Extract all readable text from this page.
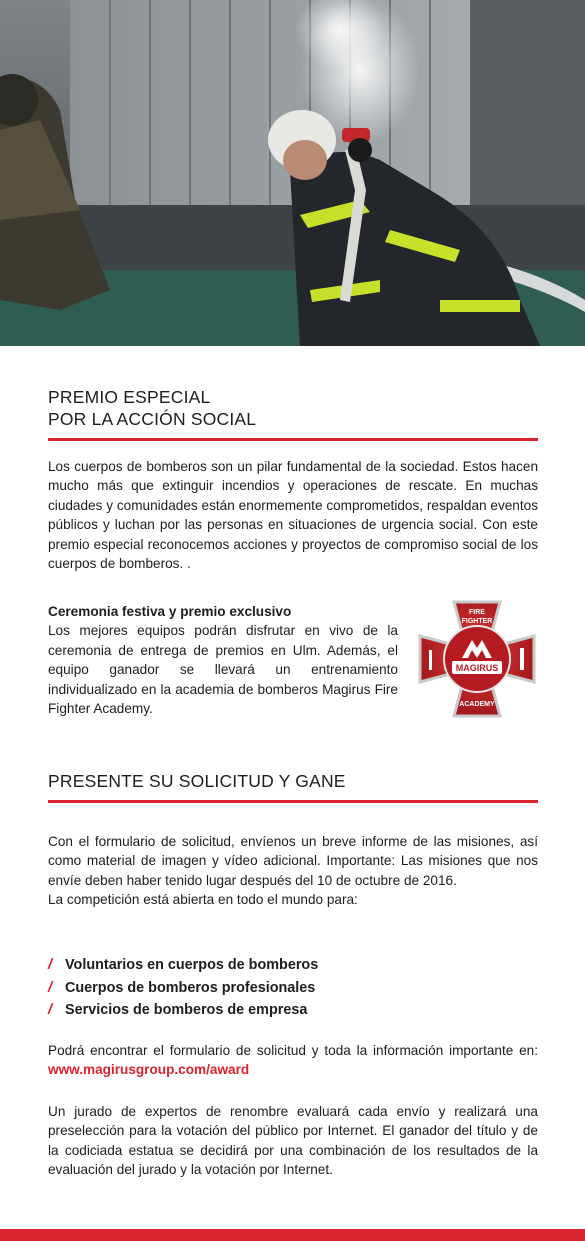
PREMIO ESPECIAL
POR LA ACCIÓN SOCIAL

Los cuerpos de bomberos son un pilar fundamental de la sociedad. Estos hacen mucho más que extinguir incendios y operaciones de rescate. En muchas ciudades y comunidades están enormemente comprometidos, respaldan eventos públicos y luchan por las personas en situaciones de urgencia social. Con este premio especial reconocemos acciones y proyectos de compromiso social de los cuerpos de bomberos. .

Ceremonia festiva y premio exclusivo
Los mejores equipos podrán disfrutar en vivo de la ceremonia de entrega de premios en Ulm. Además, el equipo ganador se llevará un entrenamiento individualizado en la academia de bomberos Magirus Fire Fighter Academy.
FIRE
FIGHTER
MAGIRUS
ACADEMY
PRESENTE SU SOLICITUD Y GANE
Con el formulario de solicitud, envíenos un breve informe de las misiones, así como material de imagen y vídeo adicional. Importante: Las misiones que nos envíe deben haber tenido lugar después del 10 de octubre de 2016.
La competición está abierta en todo el mundo para:
/ Voluntarios en cuerpos de bomberos
/ Cuerpos de bomberos profesionales
/ Servicios de bomberos de empresa

Podrá encontrar el formulario de solicitud y toda la información importante en: www.magirusgroup.com/award

Un jurado de expertos de renombre evaluará cada envío y realizará una preselección para la votación del público por Internet. El ganador del título y de la codiciada estatua se decidirá por una combinación de los resultados de la evaluación del jurado y la votación por Internet.
